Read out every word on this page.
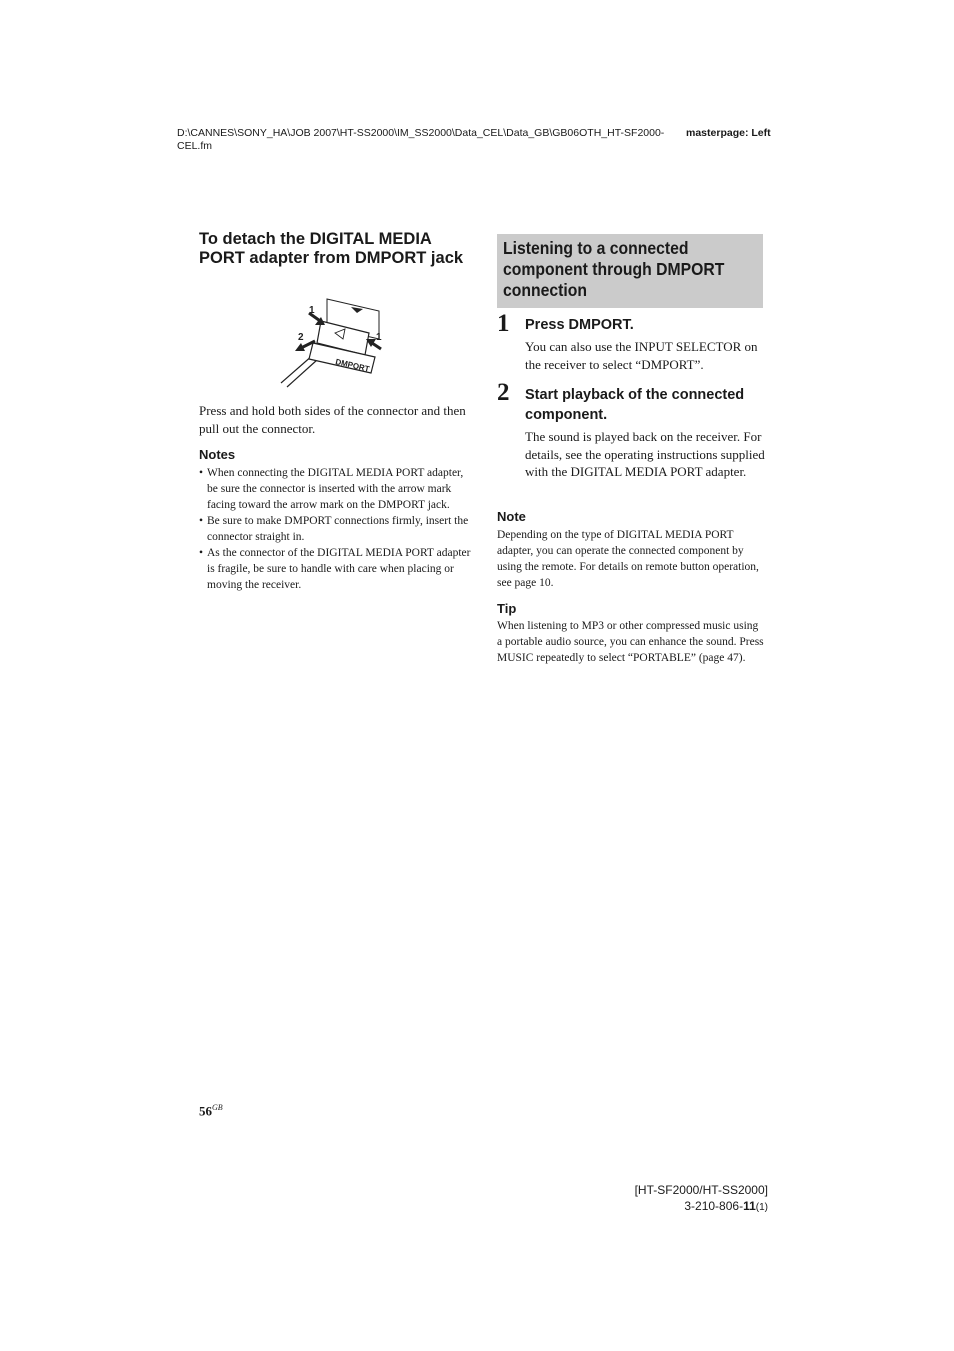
D:\CANNES\SONY_HA\JOB 2007\HT-SS2000\IM_SS2000\Data_CEL\Data_GB\GB06OTH_HT-SF2000-CEL.fm
masterpage: Left
To detach the DIGITAL MEDIA PORT adapter from DMPORT jack
DMPORT
1
2	1
Press and hold both sides of the connector and then pull out the connector.
Notes
• When connecting the DIGITAL MEDIA PORT adapter, be sure the connector is inserted with the arrow mark facing toward the arrow mark on the DMPORT jack.
• Be sure to make DMPORT connections firmly, insert the connector straight in.
• As the connector of the DIGITAL MEDIA PORT adapter is fragile, be sure to handle with care when placing or moving the receiver.
Listening to a connected component through DMPORT connection
1 Press DMPORT.
You can also use the INPUT SELECTOR on the receiver to select “DMPORT”.
2 Start playback of the connected component.
The sound is played back on the receiver. For details, see the operating instructions supplied with the DIGITAL MEDIA PORT adapter.
Note
Depending on the type of DIGITAL MEDIA PORT adapter, you can operate the connected component by using the remote. For details on remote button operation, see page 10.
Tip
When listening to MP3 or other compressed music using a portable audio source, you can enhance the sound. Press MUSIC repeatedly to select “PORTABLE” (page 47).
$56^{GB}$
[HT-SF2000/HT-SS2000]
3-210-806-11(1)
